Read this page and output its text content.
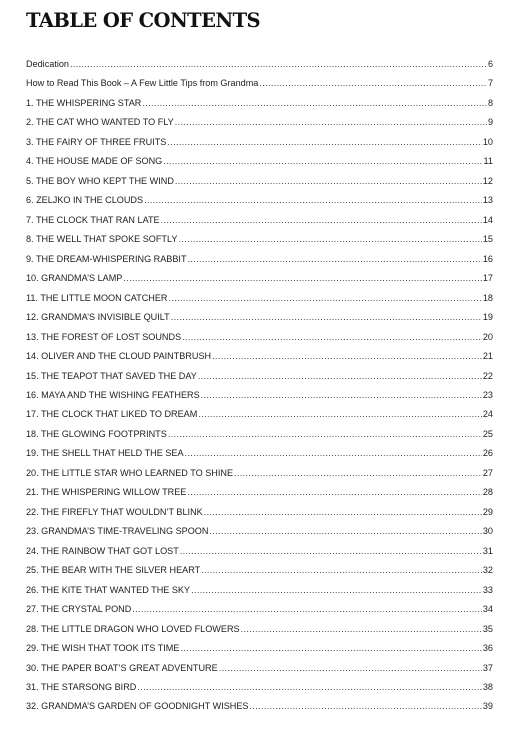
TABLE OF CONTENTS
Dedication .....	6
How to Read This Book – A Few Little Tips from Grandma .....	7
1. THE WHISPERING STAR .....	8
2. THE CAT WHO WANTED TO FLY .....	9
3. THE FAIRY OF THREE FRUITS .....	10
4. THE HOUSE MADE OF SONG .....	11
5. THE BOY WHO KEPT THE WIND .....	12
6. ZELJKO IN THE CLOUDS .....	13
7. THE CLOCK THAT RAN LATE .....	14
8. THE WELL THAT SPOKE SOFTLY .....	15
9. THE DREAM-WHISPERING RABBIT .....	16
10. GRANDMA’S LAMP .....	17
11. THE LITTLE MOON CATCHER .....	18
12. GRANDMA’S INVISIBLE QUILT .....	19
13. THE FOREST OF LOST SOUNDS .....	20
14. OLIVER AND THE CLOUD PAINTBRUSH .....	21
15. THE TEAPOT THAT SAVED THE DAY .....	22
16. MAYA AND THE WISHING FEATHERS .....	23
17. THE CLOCK THAT LIKED TO DREAM .....	24
18. THE GLOWING FOOTPRINTS .....	25
19. THE SHELL THAT HELD THE SEA .....	26
20. THE LITTLE STAR WHO LEARNED TO SHINE .....	27
21. THE WHISPERING WILLOW TREE .....	28
22. THE FIREFLY THAT WOULDN’T BLINK .....	29
23. GRANDMA’S TIME-TRAVELING SPOON .....	30
24. THE RAINBOW THAT GOT LOST .....	31
25. THE BEAR WITH THE SILVER HEART .....	32
26. THE KITE THAT WANTED THE SKY .....	33
27. THE CRYSTAL POND .....	34
28. THE LITTLE DRAGON WHO LOVED FLOWERS .....	35
29. THE WISH THAT TOOK ITS TIME .....	36
30. THE PAPER BOAT’S GREAT ADVENTURE .....	37
31. THE STARSONG BIRD .....	38
32. GRANDMA’S GARDEN OF GOODNIGHT WISHES .....	39
